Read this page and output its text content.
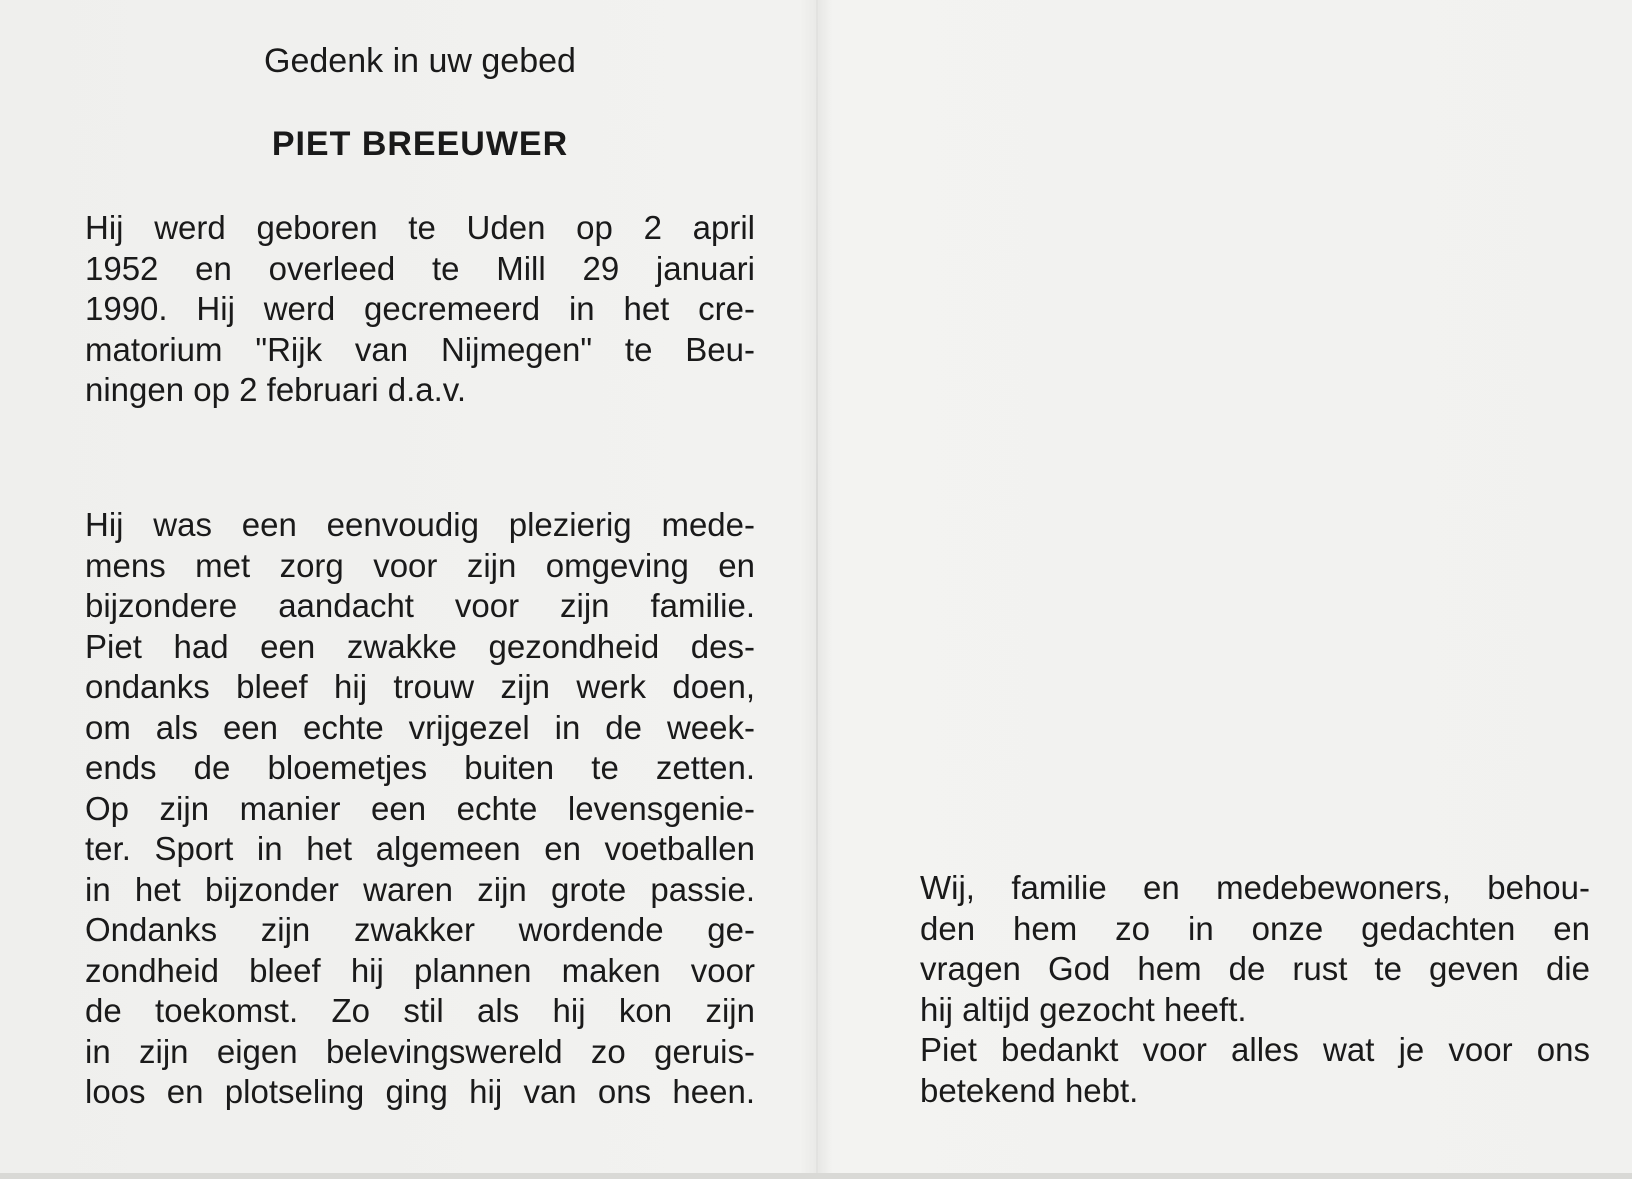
Gedenk in uw gebed

PIET BREEUWER

Hij werd geboren te Uden op 2 april
1952 en overleed te Mill 29 januari
1990. Hij werd gecremeerd in het cre-
matorium "Rijk van Nijmegen" te Beu-
ningen op 2 februari d.a.v.

Hij was een eenvoudig plezierig mede-
mens met zorg voor zijn omgeving en
bijzondere aandacht voor zijn familie.
Piet had een zwakke gezondheid des-
ondanks bleef hij trouw zijn werk doen,
om als een echte vrijgezel in de week-
ends de bloemetjes buiten te zetten.
Op zijn manier een echte levensgenie-
ter. Sport in het algemeen en voetballen
in het bijzonder waren zijn grote passie.
Ondanks zijn zwakker wordende ge-
zondheid bleef hij plannen maken voor
de toekomst. Zo stil als hij kon zijn
in zijn eigen belevingswereld zo geruis-
loos en plotseling ging hij van ons heen.

Wij, familie en medebewoners, behou-
den hem zo in onze gedachten en
vragen God hem de rust te geven die
hij altijd gezocht heeft.
Piet bedankt voor alles wat je voor ons
betekend hebt.
